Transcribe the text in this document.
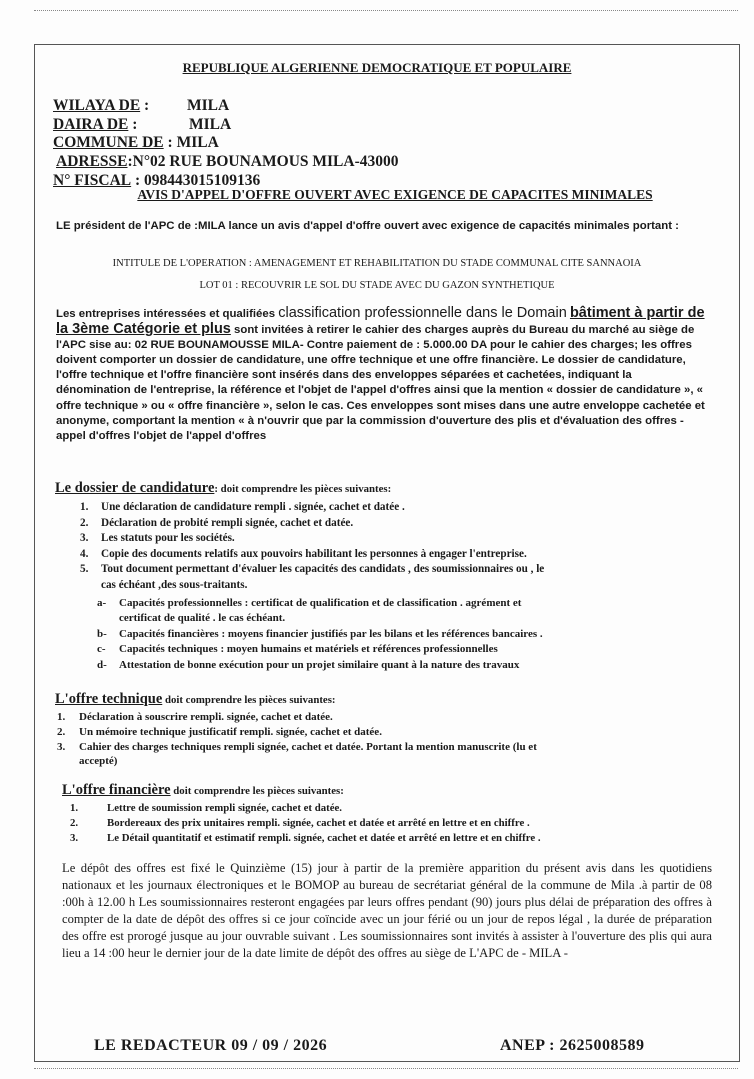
REPUBLIQUE ALGERIENNE DEMOCRATIQUE ET POPULAIRE
WILAYA DE : MILA
DAIRA DE :	MILA
COMMUNE DE : MILA
ADRESSE:N°02 RUE BOUNAMOUS MILA-43000
N° FISCAL : 098443015109136
AVIS D'APPEL D'OFFRE OUVERT AVEC EXIGENCE DE CAPACITES MINIMALES
LE président de l'APC de :MILA lance un avis d'appel d'offre ouvert avec exigence de capacités minimales portant :
INTITULE DE L'OPERATION : AMENAGEMENT ET REHABILITATION DU STADE COMMUNAL CITE SANNAOIA
LOT 01 : RECOUVRIR LE SOL DU STADE AVEC DU GAZON SYNTHETIQUE
Les entreprises intéressées et qualifiées classification professionnelle dans le Domain bâtiment à partir de la 3ème Catégorie et plus sont invitées à retirer le cahier des charges auprès du Bureau du marché au siège de l'APC sise au: 02 RUE BOUNAMOUSSE MILA- Contre paiement de : 5.000.00 DA pour le cahier des charges; les offres doivent comporter un dossier de candidature, une offre technique et une offre financière. Le dossier de candidature, l'offre technique et l'offre financière sont insérés dans des enveloppes séparées et cachetées, indiquant la dénomination de l'entreprise, la référence et l'objet de l'appel d'offres ainsi que la mention « dossier de candidature », « offre technique » ou « offre financière », selon le cas. Ces enveloppes sont mises dans une autre enveloppe cachetée et anonyme, comportant la mention « à n'ouvrir que par la commission d'ouverture des plis et d'évaluation des offres - appel d'offres l'objet de l'appel d'offres
Le dossier de candidature: doit comprendre les pièces suivantes:
1. Une déclaration de candidature rempli . signée, cachet et datée .
2. Déclaration de probité rempli signée, cachet et datée.
3. Les statuts pour les sociétés.
4. Copie des documents relatifs aux pouvoirs habilitant les personnes à engager l'entreprise.
5. Tout document permettant d'évaluer les capacités des candidats , des soumissionnaires ou , le
cas échéant ,des sous-traitants.
a- Capacités professionnelles : certificat de qualification et de classification . agrément et
certificat de qualité . le cas échéant.
b- Capacités financières : moyens financier justifiés par les bilans et les références bancaires .
c- Capacités techniques : moyen humains et matériels et références professionnelles
d- Attestation de bonne exécution pour un projet similaire quant à la nature des travaux
L'offre technique doit comprendre les pièces suivantes:
1. Déclaration à souscrire rempli. signée, cachet et datée.
2. Un mémoire technique justificatif rempli. signée, cachet et datée.
3. Cahier des charges techniques rempli signée, cachet et datée. Portant la mention manuscrite (lu et
accepté)
L'offre financière doit comprendre les pièces suivantes:
1.	Lettre de soumission rempli signée, cachet et datée.
2.	Bordereaux des prix unitaires rempli. signée, cachet et datée et arrêté en lettre et en chiffre .
3.	Le Détail quantitatif et estimatif rempli. signée, cachet et datée et arrêté en lettre et en chiffre .
Le dépôt des offres est fixé le Quinzième (15) jour à partir de la première apparition du présent avis dans les quotidiens nationaux et les journaux électroniques et le BOMOP au bureau de secrétariat général de la commune de Mila .à partir de 08 :00h à 12.00 h Les soumissionnaires resteront engagées par leurs offres pendant (90) jours plus délai de préparation des offres à compter de la date de dépôt des offres si ce jour coïncide avec un jour férié ou un jour de repos légal , la durée de préparation des offre est prorogé jusque au jour ouvrable suivant . Les soumissionnaires sont invités à assister à l'ouverture des plis qui aura lieu a 14 :00 heur le dernier jour de la date limite de dépôt des offres au siège de L'APC de - MILA -
LE REDACTEUR 09 / 09 / 2026	ANEP : 2625008589
